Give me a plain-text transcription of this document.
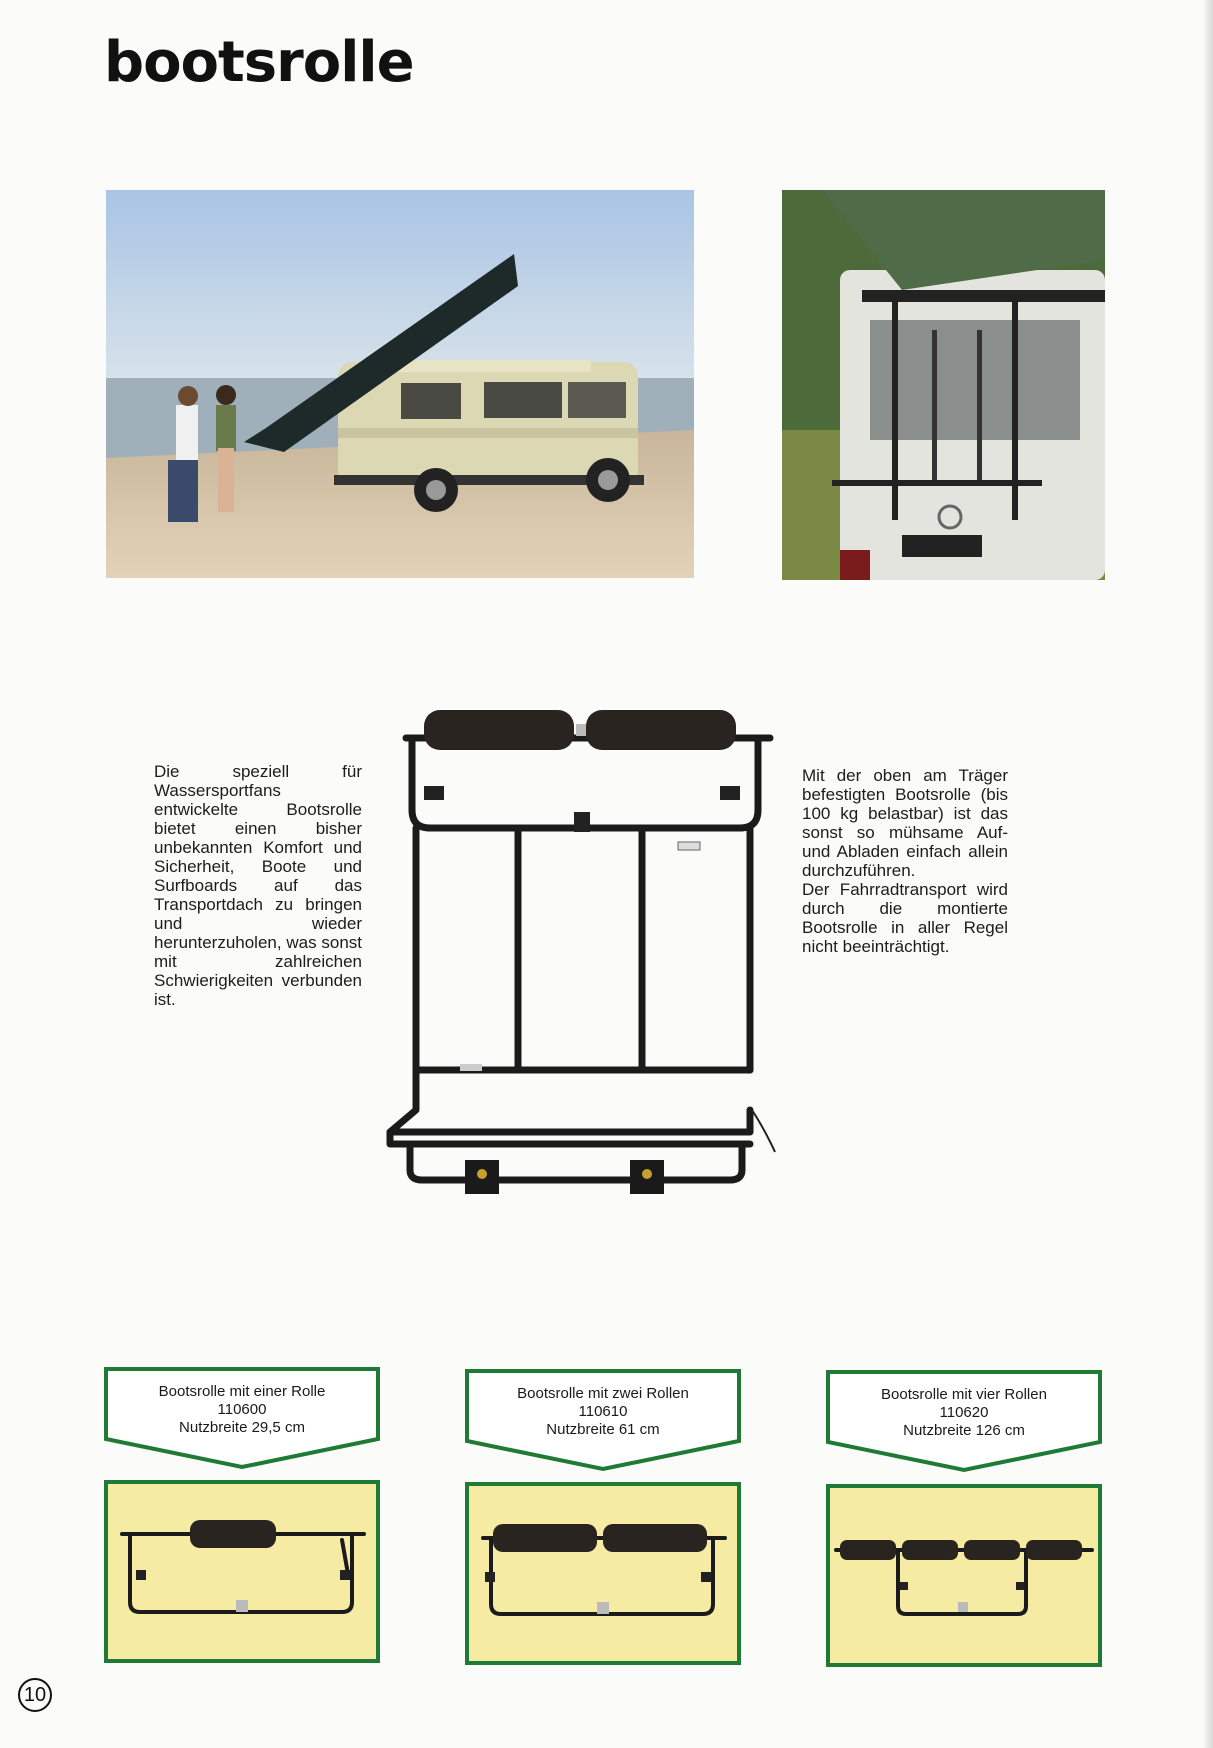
bootsrolle

Die speziell für Wassersportfans entwickelte Bootsrolle bietet einen bisher unbekannten Komfort und Sicherheit, Boote und Surfboards auf das Transportdach zu bringen und wieder herunterzuholen, was sonst mit zahlreichen Schwierigkeiten verbunden ist.

Mit der oben am Träger befestigten Bootsrolle (bis 100 kg belastbar) ist das sonst so mühsame Auf- und Abladen einfach allein durchzuführen.
Der Fahrradtransport wird durch die montierte Bootsrolle in aller Regel nicht beeinträchtigt.
Bootsrolle mit einer Rolle
110600
Nutzbreite 29,5 cm
Bootsrolle mit zwei Rollen
110610
Nutzbreite 61 cm
Bootsrolle mit vier Rollen
110620
Nutzbreite 126 cm
10
